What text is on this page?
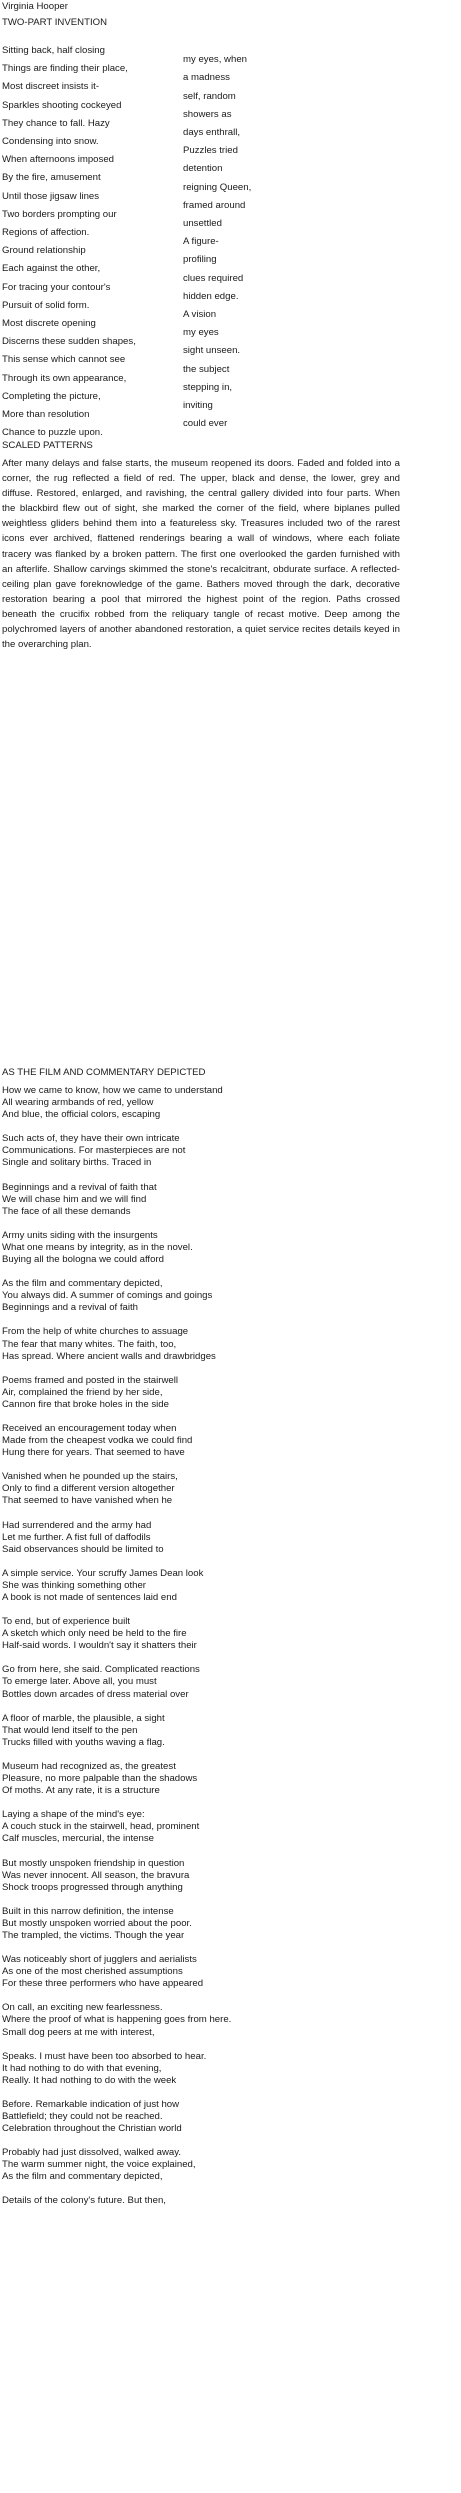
Virginia Hooper
TWO-PART INVENTION
Sitting back, half closing
Things are finding their place,
Most discreet insists it-
Sparkles shooting cockeyed
They chance to fall. Hazy
Condensing into snow.
When afternoons imposed
By the fire, amusement
Until those jigsaw lines
Two borders prompting our
Regions of affection.
Ground relationship
Each against the other,
For tracing your contour's
Pursuit of solid form.
Most discrete opening
Discerns these sudden shapes,
This sense which cannot see
Through its own appearance,
Completing the picture,
More than resolution
Chance to puzzle upon.
my eyes, when
a madness
self, random
showers as
days enthrall,
Puzzles tried
detention
reigning Queen,
framed around
unsettled
A figure-
profiling
clues required
hidden edge.
A vision
my eyes
sight unseen.
the subject
stepping in,
inviting
could ever
SCALED PATTERNS

After many delays and false starts, the museum reopened its doors. Faded and folded into a corner, the rug reflected a field of red. The upper, black and dense, the lower, grey and diffuse. Restored, enlarged, and ravishing, the central gallery divided into four parts. When the blackbird flew out of sight, she marked the corner of the field, where biplanes pulled weightless gliders behind them into a featureless sky. Treasures included two of the rarest icons ever archived, flattened renderings bearing a wall of windows, where each foliate tracery was flanked by a broken pattern. The first one overlooked the garden furnished with an afterlife. Shallow carvings skimmed the stone's recalcitrant, obdurate surface. A reflected-ceiling plan gave foreknowledge of the game. Bathers moved through the dark, decorative restoration bearing a pool that mirrored the highest point of the region. Paths crossed beneath the crucifix robbed from the reliquary tangle of recast motive. Deep among the polychromed layers of another abandoned restoration, a quiet service recites details keyed in the overarching plan.

AS THE FILM AND COMMENTARY DEPICTED
How we came to know, how we came to understand
All wearing armbands of red, yellow
And blue, the official colors, escaping
Such acts of, they have their own intricate
Communications. For masterpieces are not
Single and solitary births. Traced in
Beginnings and a revival of faith that
We will chase him and we will find
The face of all these demands
Army units siding with the insurgents
What one means by integrity, as in the novel.
Buying all the bologna we could afford
As the film and commentary depicted,
You always did. A summer of comings and goings
Beginnings and a revival of faith
From the help of white churches to assuage
The fear that many whites. The faith, too,
Has spread. Where ancient walls and drawbridges
Poems framed and posted in the stairwell
Air, complained the friend by her side,
Cannon fire that broke holes in the side
Received an encouragement today when
Made from the cheapest vodka we could find
Hung there for years. That seemed to have
Vanished when he pounded up the stairs,
Only to find a different version altogether
That seemed to have vanished when he
Had surrendered and the army had
Let me further. A fist full of daffodils
Said observances should be limited to
A simple service. Your scruffy James Dean look
She was thinking something other
A book is not made of sentences laid end
To end, but of experience built
A sketch which only need be held to the fire
Half-said words. I wouldn't say it shatters their
Go from here, she said. Complicated reactions
To emerge later. Above all, you must
Bottles down arcades of dress material over
A floor of marble, the plausible, a sight
That would lend itself to the pen
Trucks filled with youths waving a flag.
Museum had recognized as, the greatest
Pleasure, no more palpable than the shadows
Of moths. At any rate, it is a structure
Laying a shape of the mind's eye:
A couch stuck in the stairwell, head, prominent
Calf muscles, mercurial, the intense
But mostly unspoken friendship in question
Was never innocent. All season, the bravura
Shock troops progressed through anything
Built in this narrow definition, the intense
But mostly unspoken worried about the poor.
The trampled, the victims. Though the year
Was noticeably short of jugglers and aerialists
As one of the most cherished assumptions
For these three performers who have appeared
On call, an exciting new fearlessness.
Where the proof of what is happening goes from here.
Small dog peers at me with interest,
Speaks. I must have been too absorbed to hear.
It had nothing to do with that evening,
Really. It had nothing to do with the week
Before. Remarkable indication of just how
Battlefield; they could not be reached.
Celebration throughout the Christian world
Probably had just dissolved, walked away.
The warm summer night, the voice explained,
As the film and commentary depicted,
Details of the colony's future. But then,
